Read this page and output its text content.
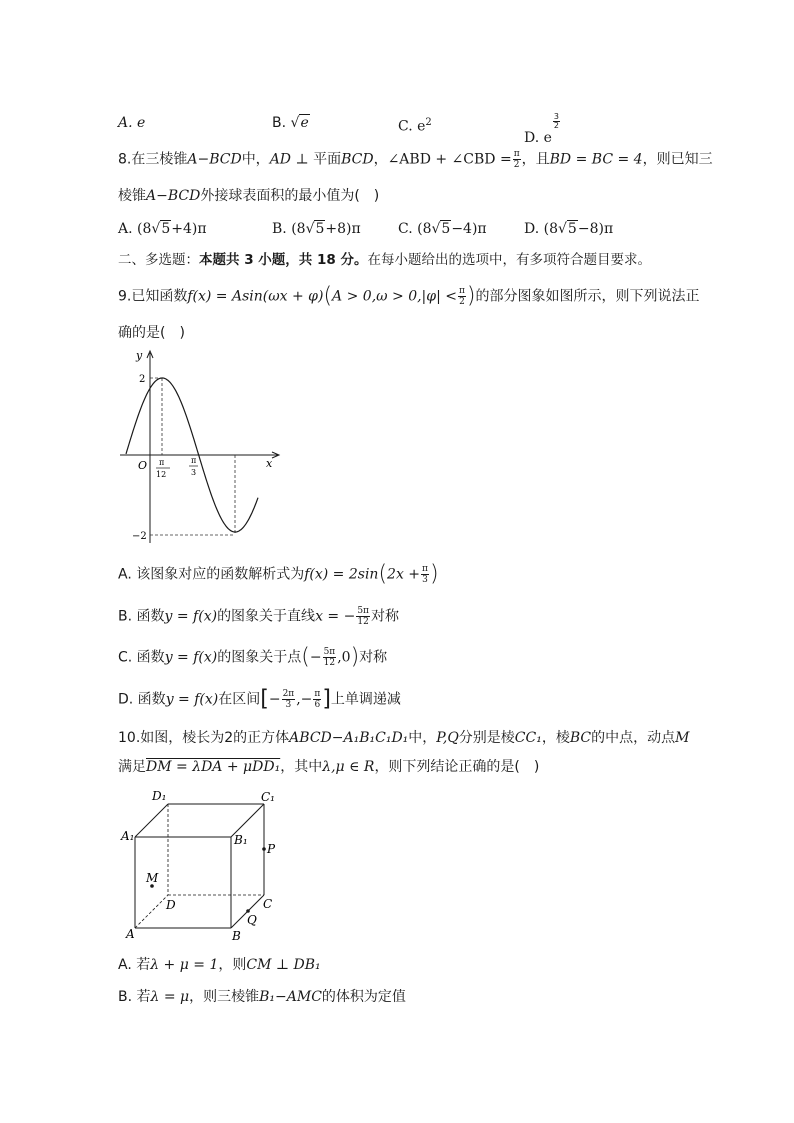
A. e	B. √e	C. $e^2$
D. e
$\frac{3}{2}$
8.在三棱锥A−BCD中，AD ⊥ 平面BCD，∠ABD + ∠CBD = $\frac{\pi}{2}$ ，且BD = BC = 4，则已知三
棱锥A−BCD外接球表面积的最小值为(　)
A. (8√5+4)π	B. (8√5+8)π	C. (8√5−4)π	D. (8√5−8)π
二、多选题：本题共 3 小题，共 18 分。在每小题给出的选项中，有多项符合题目要求。
9.已知函数$f(x) = Asin(\omega x + \varphi)(A > 0,\omega > 0,|\varphi| < \frac{\pi}{2}$ )的部分图象如图所示，则下列说法正
确的是(　)
y
x
O
2
−2
π
12
π
3
A. 该图象对应的函数解析式为$f(x) = 2\sin(2x + \frac{\pi}{3}$ )
B. 函数y = f(x)的图象关于直线x = − $\frac{5\pi}{12}$ 对称
C. 函数y = f(x)的图象关于点(− $\frac{5\pi}{12} ,0$)对称
D. 函数y = f(x)在区间[− $\frac{2\pi}{3}$ ,− $\frac{\pi}{6}$ ]上单调递减
10.如图，棱长为2的正方体ABCD−A₁B₁C₁D₁中，P,Q分别是棱CC₁，棱BC的中点，动点M
满足DM = λDA + μDD₁，其中λ,μ ∈ R，则下列结论正确的是(　)
D₁	C₁
A₁	B₁
P
M
D	C
Q
A	B
A. 若λ + μ = 1，则CM ⊥ DB₁
B. 若λ = μ，则三棱锥B₁−AMC的体积为定值
